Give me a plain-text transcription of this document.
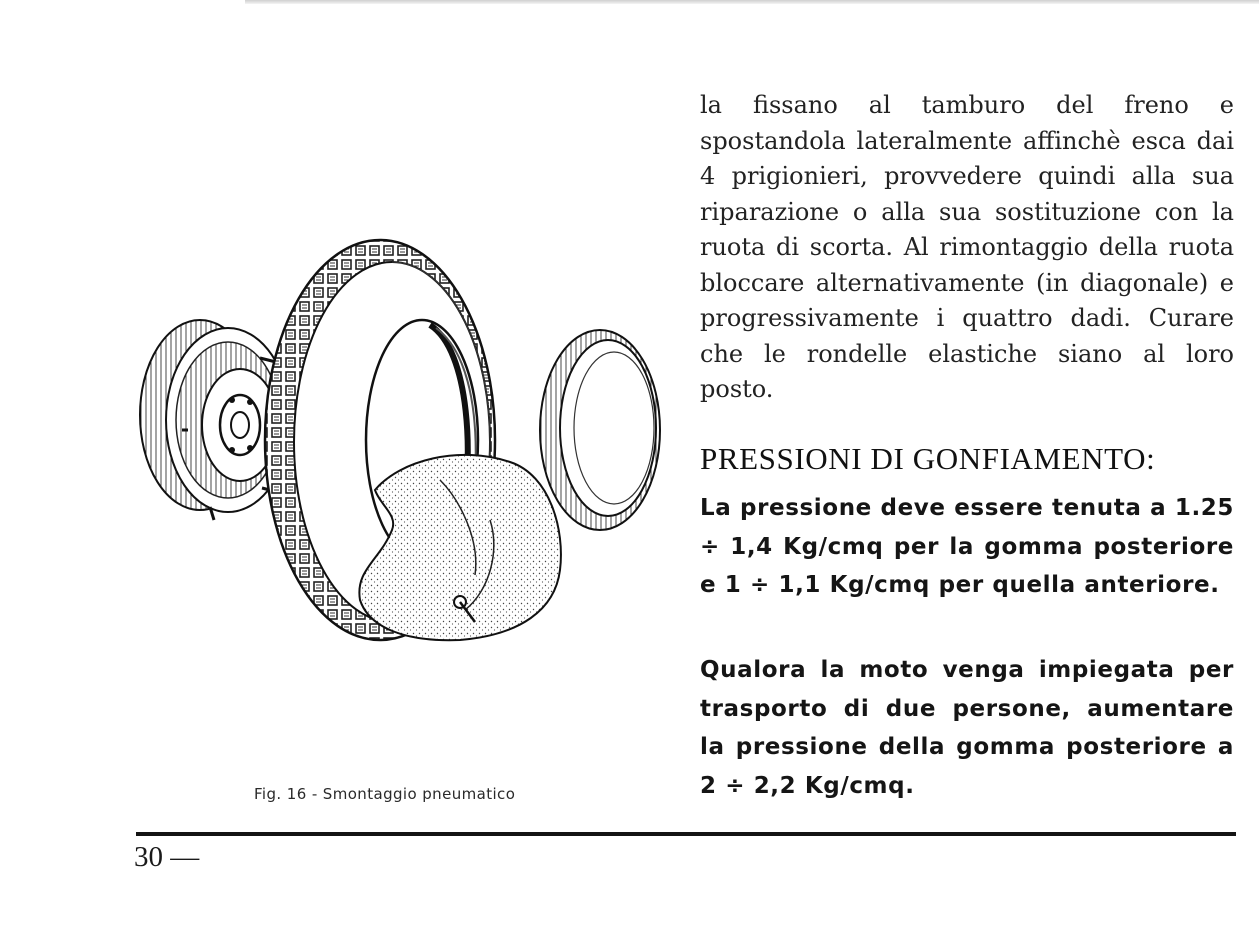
Fig. 16 - Smontaggio pneumatico
la fissano al tamburo del freno e spostandola lateralmente affinchè esca dai 4 prigionieri, provvedere quindi alla sua riparazione o alla sua sostituzione con la ruota di scorta. Al rimontaggio della ruota bloccare alternativamente (in diagonale) e progressivamente i quattro dadi. Curare che le rondelle elastiche siano al loro posto.
PRESSIONI DI GONFIAMENTO:
La pressione deve essere tenuta a 1.25 ÷ 1,4 Kg/cmq per la gomma posteriore e 1 ÷ 1,1 Kg/cmq per quella anteriore.
Qualora la moto venga impiegata per trasporto di due persone, aumentare la pressione della gomma posteriore a 2 ÷ 2,2 Kg/cmq.
30 —
